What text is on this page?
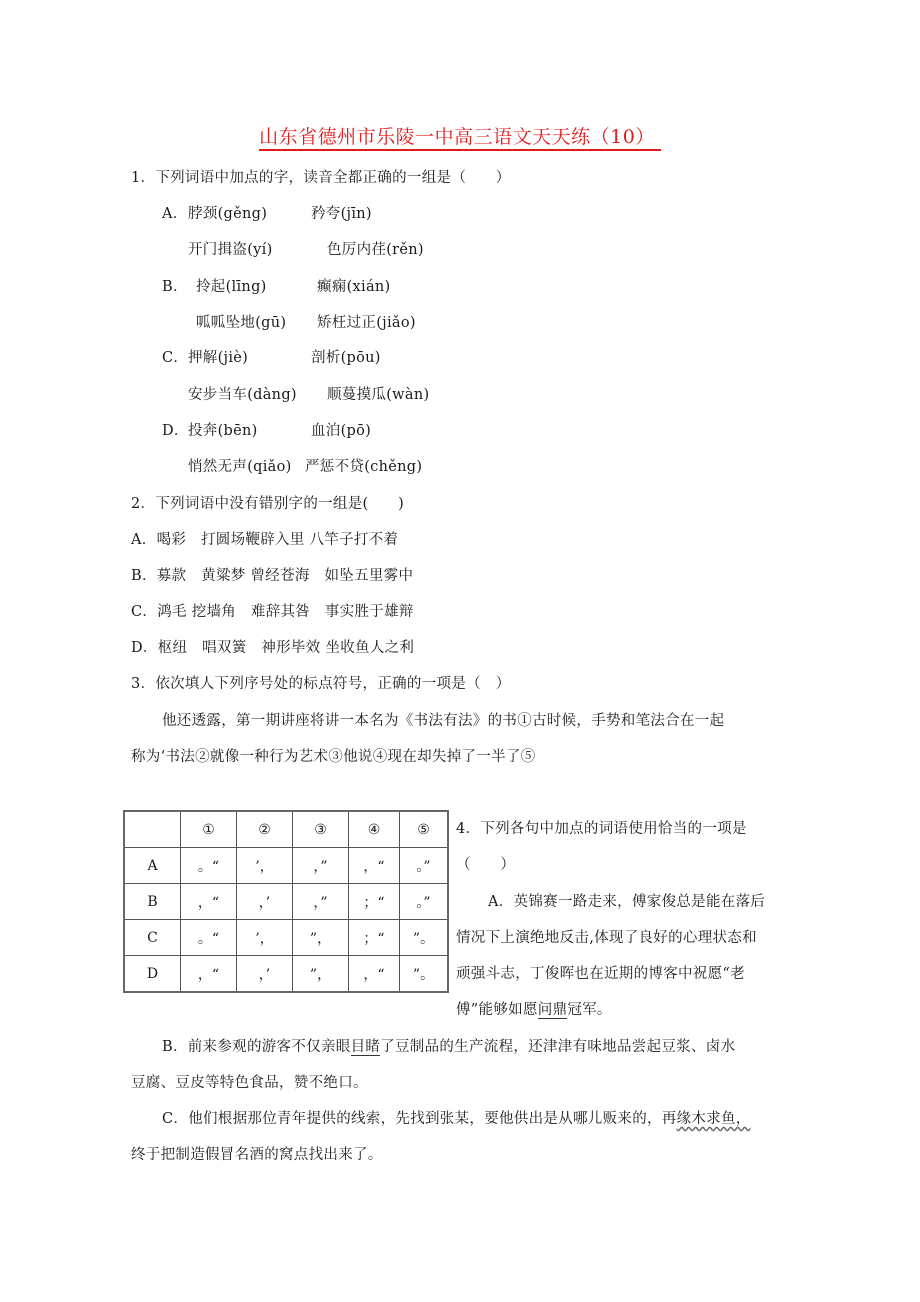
山东省德州市乐陵一中高三语文天天练（10）
1．下列词语中加点的字，读音全都正确的一组是（　　）
A． 脖颈(gěng)	矜夸(jīn)
开门揖盗(yí)	色厉内荏(rěn)
B． 拎起(līng)	癫痫(xián)
呱呱坠地(gū) 矫枉过正(jiǎo)
C． 押解(jiè)	剖析(pōu)
安步当车(dàng) 顺蔓摸瓜(wàn)
D． 投奔(bēn)	血泊(pō)
悄然无声(qiǎo) 严惩不贷(chěng)
2．下列词语中没有错别字的一组是(　　)
A．喝彩　打圆场鞭辟入里 八竿子打不着
B．募款　黄粱梦 曾经苍海　如坠五里雾中
C．鸿毛 挖墙角　难辞其咎　事实胜于雄辩
D．枢纽　唱双簧　神形毕效 坐收鱼人之利
3．依次填人下列序号处的标点符号，正确的一项是（　）
他还透露，第一期讲座将讲一本名为《书法有法》的书①古时候，手势和笔法合在一起
称为‘书法②就像一种行为艺术③他说④现在却失掉了一半了⑤
	①	②	③	④	⑤
A	。“	’，	，”	，“	。”
B	，“	，’	，”	；“	。”
C	。“	’，	”，	；“	”。
D	，“	，’	”，	，“	”。
4．下列各句中加点的词语使用恰当的一项是
（　　）
A．英锦赛一路走来，傅家俊总是能在落后
情况下上演绝地反击,体现了良好的心理状态和
顽强斗志，丁俊晖也在近期的博客中祝愿“老
傅”能够如愿问鼎冠军。
B．前来参观的游客不仅亲眼目睹了豆制品的生产流程，还津津有味地品尝起豆浆、卤水
豆腐、豆皮等特色食品，赞不绝口。
C．他们根据那位青年提供的线索，先找到张某，要他供出是从哪儿贩来的，再缘木求鱼，
终于把制造假冒名酒的窝点找出来了。
